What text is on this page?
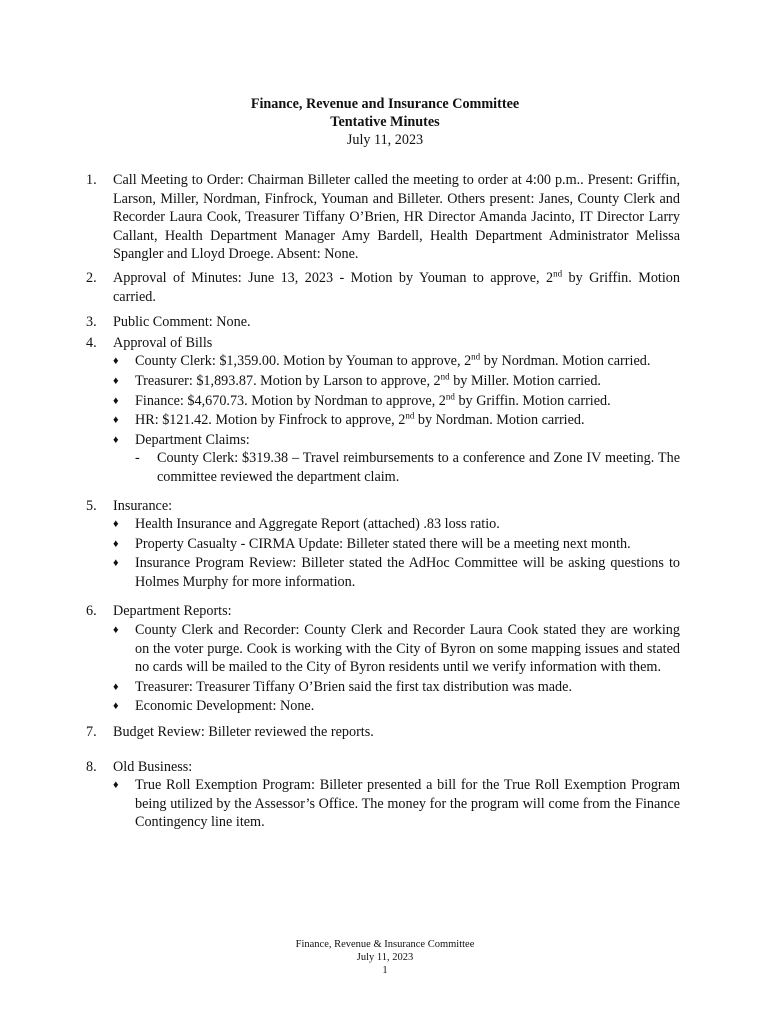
Finance, Revenue and Insurance Committee
Tentative Minutes
July 11, 2023
1.	Call Meeting to Order: Chairman Billeter called the meeting to order at 4:00 p.m.. Present: Griffin, Larson, Miller, Nordman, Finfrock, Youman and Billeter. Others present: Janes, County Clerk and Recorder Laura Cook, Treasurer Tiffany O’Brien, HR Director Amanda Jacinto, IT Director Larry Callant, Health Department Manager Amy Bardell, Health Department Administrator Melissa Spangler and Lloyd Droege. Absent: None.
2.	Approval of Minutes: June 13, 2023 - Motion by Youman to approve, 2nd by Griffin. Motion carried.
3.	Public Comment: None.
4.	Approval of Bills
♦	County Clerk: $1,359.00. Motion by Youman to approve, 2nd by Nordman. Motion carried.
♦	Treasurer: $1,893.87. Motion by Larson to approve, 2nd by Miller. Motion carried.
♦	Finance: $4,670.73. Motion by Nordman to approve, 2nd by Griffin. Motion carried.
♦	HR: $121.42. Motion by Finfrock to approve, 2nd by Nordman. Motion carried.
♦	Department Claims:
-	County Clerk: $319.38 – Travel reimbursements to a conference and Zone IV meeting. The committee reviewed the department claim.
5.	Insurance:
♦	Health Insurance and Aggregate Report (attached) .83 loss ratio.
♦	Property Casualty - CIRMA Update: Billeter stated there will be a meeting next month.
♦	Insurance Program Review: Billeter stated the AdHoc Committee will be asking questions to Holmes Murphy for more information.
6.	Department Reports:
♦	County Clerk and Recorder: County Clerk and Recorder Laura Cook stated they are working on the voter purge. Cook is working with the City of Byron on some mapping issues and stated no cards will be mailed to the City of Byron residents until we verify information with them.
♦	Treasurer: Treasurer Tiffany O’Brien said the first tax distribution was made.
♦	Economic Development: None.
7.	Budget Review: Billeter reviewed the reports.
8.	Old Business:
♦	True Roll Exemption Program: Billeter presented a bill for the True Roll Exemption Program being utilized by the Assessor’s Office. The money for the program will come from the Finance Contingency line item.
Finance, Revenue & Insurance Committee
July 11, 2023
1
